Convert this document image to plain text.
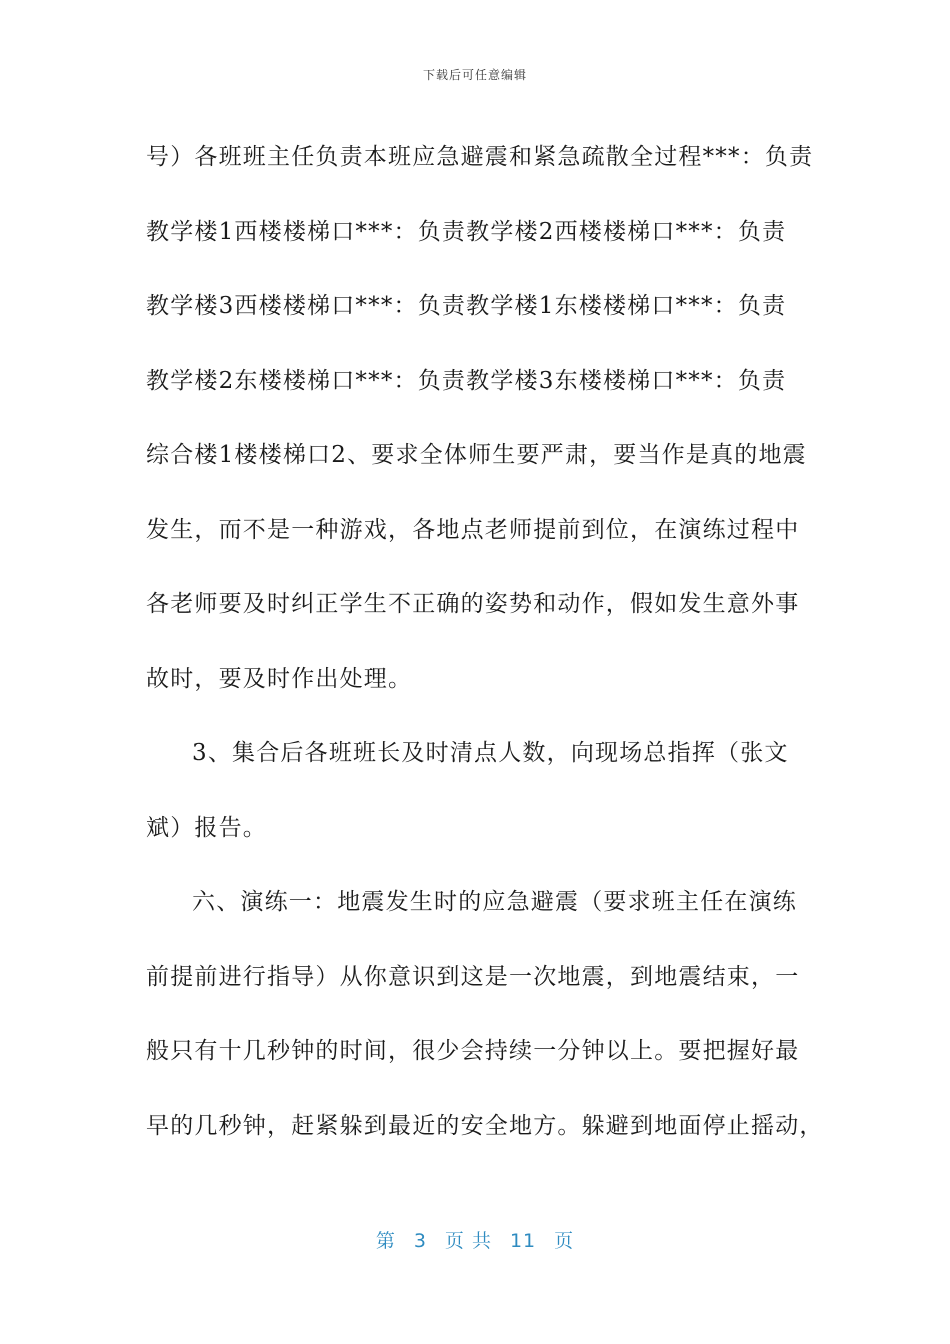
下载后可任意编辑
号）各班班主任负责本班应急避震和紧急疏散全过程***：负责
教学楼1西楼楼梯口***：负责教学楼2西楼楼梯口***：负责
教学楼3西楼楼梯口***：负责教学楼1东楼楼梯口***：负责
教学楼2东楼楼梯口***：负责教学楼3东楼楼梯口***：负责
综合楼1楼楼梯口2、要求全体师生要严肃，要当作是真的地震
发生，而不是一种游戏，各地点老师提前到位，在演练过程中
各老师要及时纠正学生不正确的姿势和动作，假如发生意外事
故时，要及时作出处理。
3、集合后各班班长及时清点人数，向现场总指挥（张文
斌）报告。
六、演练一：地震发生时的应急避震（要求班主任在演练
前提前进行指导）从你意识到这是一次地震，到地震结束，一
般只有十几秒钟的时间，很少会持续一分钟以上。要把握好最
早的几秒钟，赶紧躲到最近的安全地方。躲避到地面停止摇动，
第 3 页 共 11 页
